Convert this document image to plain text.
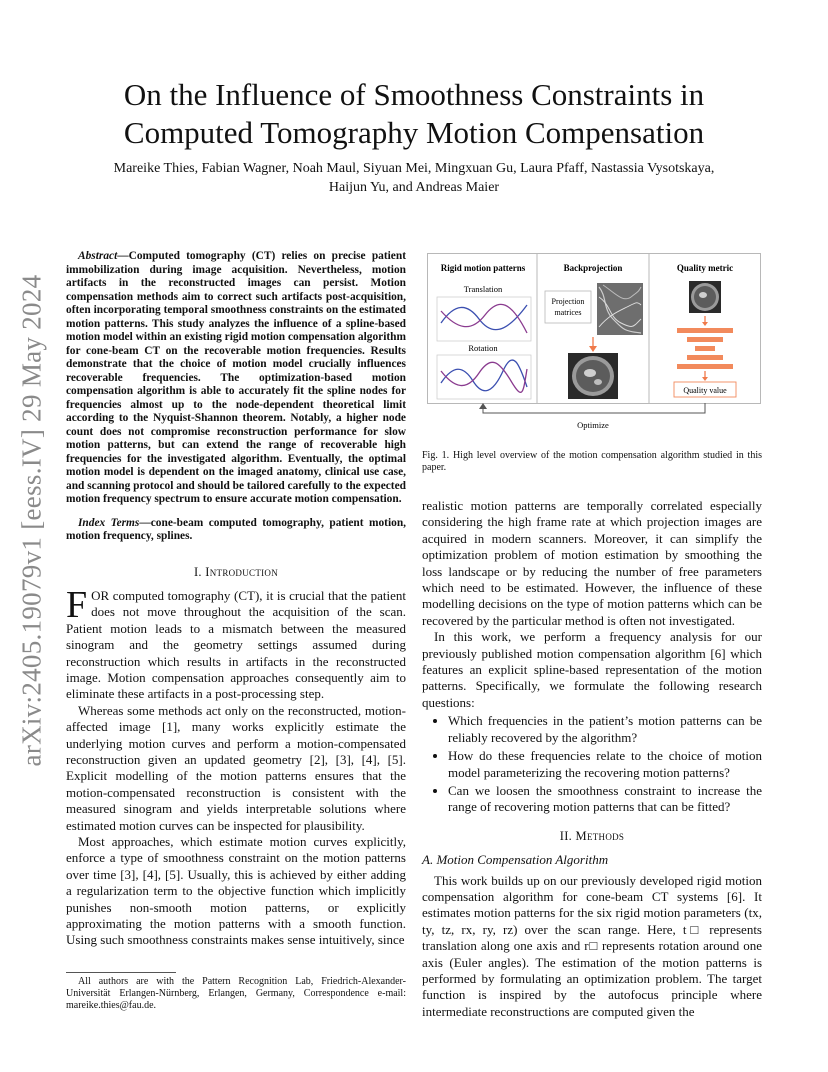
arXiv:2405.19079v1 [eess.IV] 29 May 2024
On the Influence of Smoothness Constraints in
Computed Tomography Motion Compensation
Mareike Thies, Fabian Wagner, Noah Maul, Siyuan Mei, Mingxuan Gu, Laura Pfaff, Nastassia Vysotskaya,
Haijun Yu, and Andreas Maier

Abstract—Computed tomography (CT) relies on precise patient immobilization during image acquisition. Nevertheless, motion artifacts in the reconstructed images can persist. Motion compensation methods aim to correct such artifacts post-acquisition, often incorporating temporal smoothness constraints on the estimated motion patterns. This study analyzes the influence of a spline-based motion model within an existing rigid motion compensation algorithm for cone-beam CT on the recoverable motion frequencies. Results demonstrate that the choice of motion model crucially influences recoverable frequencies. The optimization-based motion compensation algorithm is able to accurately fit the spline nodes for frequencies almost up to the node-dependent theoretical limit according to the Nyquist-Shannon theorem. Notably, a higher node count does not compromise reconstruction performance for slow motion patterns, but can extend the range of recoverable high frequencies for the investigated algorithm. Eventually, the optimal motion model is dependent on the imaged anatomy, clinical use case, and scanning protocol and should be tailored carefully to the expected motion frequency spectrum to ensure accurate motion compensation.

Index Terms—cone-beam computed tomography, patient motion, motion frequency, splines.

I. Introduction

FOR computed tomography (CT), it is crucial that the patient does not move throughout the acquisition of the scan. Patient motion leads to a mismatch between the measured sinogram and the geometry settings assumed during reconstruction which results in artifacts in the reconstructed image. Motion compensation approaches consequently aim to eliminate these artifacts in a post-processing step.

Whereas some methods act only on the reconstructed, motion-affected image [1], many works explicitly estimate the underlying motion curves and perform a motion-compensated reconstruction given an updated geometry [2], [3], [4], [5]. Explicit modelling of the motion patterns ensures that the motion-compensated reconstruction is consistent with the measured sinogram and yields interpretable solutions where estimated motion curves can be inspected for plausibility.

Most approaches, which estimate motion curves explicitly, enforce a type of smoothness constraint on the motion patterns over time [3], [4], [5]. Usually, this is achieved by either adding a regularization term to the objective function which implicitly punishes non-smooth motion patterns, or explicitly approximating the motion patterns with a smooth function. Using such smoothness constraints makes sense intuitively, since

All authors are with the Pattern Recognition Lab, Friedrich-Alexander-Universität Erlangen-Nürnberg, Erlangen, Germany, Correspondence e-mail: mareike.thies@fau.de.
Rigid motion patterns	Backprojection	Quality metric
Translation
Rotation
Projection
matrices
Quality value
Optimize
Fig. 1. High level overview of the motion compensation algorithm studied in this paper.

realistic motion patterns are temporally correlated especially considering the high frame rate at which projection images are acquired in modern scanners. Moreover, it can simplify the optimization problem of motion estimation by smoothing the loss landscape or by reducing the number of free parameters which need to be estimated. However, the influence of these modelling decisions on the type of motion patterns which can be recovered by the particular method is often not investigated.

In this work, we perform a frequency analysis for our previously published motion compensation algorithm [6] which features an explicit spline-based representation of the motion patterns. Specifically, we formulate the following research questions:

• Which frequencies in the patient’s motion patterns can be reliably recovered by the algorithm?
• How do these frequencies relate to the choice of motion model parameterizing the recovering motion patterns?
• Can we loosen the smoothness constraint to increase the range of recovering motion patterns that can be fitted?
II. Methods

A. Motion Compensation Algorithm

This work builds up on our previously developed rigid motion compensation algorithm for cone-beam CT systems [6]. It estimates motion patterns for the six rigid motion parameters (tx, ty, tz, rx, ry, rz) over the scan range. Here, t□ represents translation along one axis and r□ represents rotation around one axis (Euler angles). The estimation of the motion patterns is performed by formulating an optimization problem. The target function is inspired by the autofocus principle where intermediate reconstructions are computed given the
